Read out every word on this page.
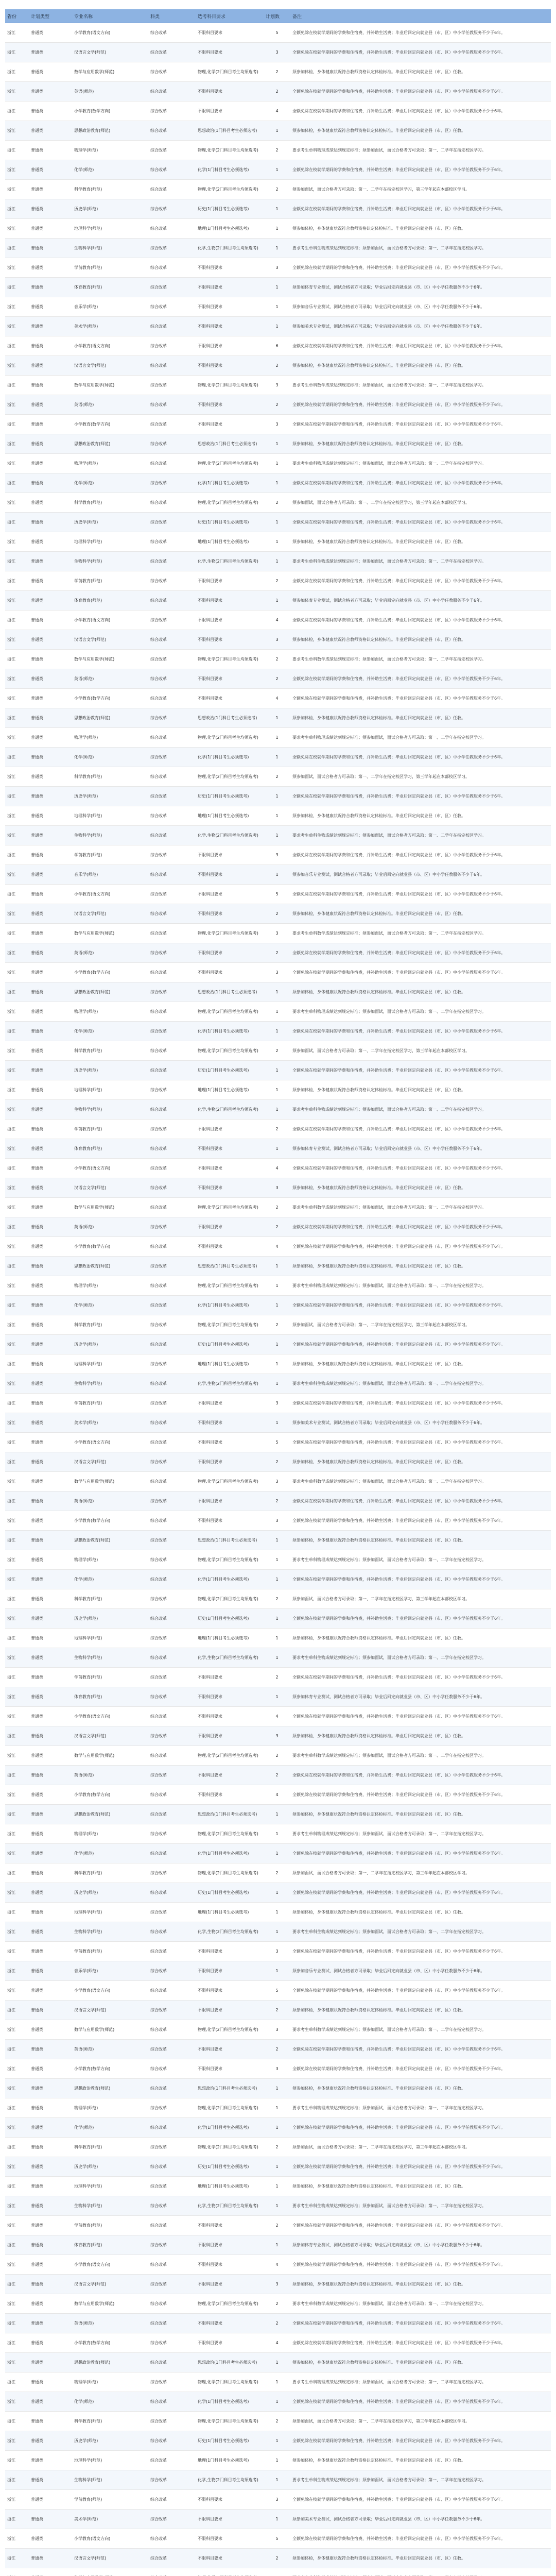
省份	计划类型	专业名称	科类	选考科目要求	计划数	备注
浙江	普通类	小学教育(语文方向)	综合改革	不限科目要求	5	全额免除在校就学期间的学费和住宿费，并补助生活费；毕业后回定向就业县（市、区）中小学任教服务不少于6年。
浙江	普通类	汉语言文学(师范)	综合改革	不限科目要求	3	全额免除在校就学期间的学费和住宿费，并补助生活费；毕业后回定向就业县（市、区）中小学任教服务不少于6年。
浙江	普通类	数学与应用数学(师范)	综合改革	物理,化学(2门科目考生均须选考)	2	须参加体检，身体健康状况符合教师资格认定体检标准。毕业后回定向就业县（市、区）任教。
浙江	普通类	英语(师范)	综合改革	不限科目要求	2	全额免除在校就学期间的学费和住宿费，并补助生活费；毕业后回定向就业县（市、区）中小学任教服务不少于6年。
浙江	普通类	小学教育(数学方向)	综合改革	不限科目要求	4	全额免除在校就学期间的学费和住宿费，并补助生活费；毕业后回定向就业县（市、区）中小学任教服务不少于6年。
浙江	普通类	思想政治教育(师范)	综合改革	思想政治(1门科目考生必须选考)	1	须参加体检，身体健康状况符合教师资格认定体检标准。毕业后回定向就业县（市、区）任教。
浙江	普通类	物理学(师范)	综合改革	物理,化学(2门科目考生均须选考)	2	要求考生单科物理成绩达到规定标准；须参加面试，面试合格者方可录取；第一、二学年在指定校区学习。
浙江	普通类	化学(师范)	综合改革	化学(1门科目考生必须选考)	1	全额免除在校就学期间的学费和住宿费，并补助生活费；毕业后回定向就业县（市、区）中小学任教服务不少于6年。
浙江	普通类	科学教育(师范)	综合改革	物理,化学(2门科目考生均须选考)	2	须参加面试，面试合格者方可录取；第一、二学年在指定校区学习，第三学年起在本部校区学习。
浙江	普通类	历史学(师范)	综合改革	历史(1门科目考生必须选考)	1	全额免除在校就学期间的学费和住宿费，并补助生活费；毕业后回定向就业县（市、区）中小学任教服务不少于6年。
浙江	普通类	地理科学(师范)	综合改革	地理(1门科目考生必须选考)	1	须参加体检，身体健康状况符合教师资格认定体检标准。毕业后回定向就业县（市、区）任教。
浙江	普通类	生物科学(师范)	综合改革	化学,生物(2门科目考生均须选考)	1	要求考生单科生物成绩达到规定标准；须参加面试，面试合格者方可录取；第一、二学年在指定校区学习。
浙江	普通类	学前教育(师范)	综合改革	不限科目要求	3	全额免除在校就学期间的学费和住宿费，并补助生活费；毕业后回定向就业县（市、区）中小学任教服务不少于6年。
浙江	普通类	体育教育(师范)	综合改革	不限科目要求	1	须参加体育专业测试，测试合格者方可录取；毕业后回定向就业县（市、区）中小学任教服务不少于6年。
浙江	普通类	音乐学(师范)	综合改革	不限科目要求	1	须参加音乐专业测试，测试合格者方可录取；毕业后回定向就业县（市、区）中小学任教服务不少于6年。
浙江	普通类	美术学(师范)	综合改革	不限科目要求	1	须参加美术专业测试，测试合格者方可录取；毕业后回定向就业县（市、区）中小学任教服务不少于6年。
浙江	普通类	小学教育(语文方向)	综合改革	不限科目要求	6	全额免除在校就学期间的学费和住宿费，并补助生活费；毕业后回定向就业县（市、区）中小学任教服务不少于6年。
浙江	普通类	汉语言文学(师范)	综合改革	不限科目要求	2	须参加体检，身体健康状况符合教师资格认定体检标准。毕业后回定向就业县（市、区）任教。
浙江	普通类	数学与应用数学(师范)	综合改革	物理,化学(2门科目考生均须选考)	3	要求考生单科数学成绩达到规定标准；须参加面试，面试合格者方可录取；第一、二学年在指定校区学习。
浙江	普通类	英语(师范)	综合改革	不限科目要求	2	全额免除在校就学期间的学费和住宿费，并补助生活费；毕业后回定向就业县（市、区）中小学任教服务不少于6年。
浙江	普通类	小学教育(数学方向)	综合改革	不限科目要求	3	全额免除在校就学期间的学费和住宿费，并补助生活费；毕业后回定向就业县（市、区）中小学任教服务不少于6年。
浙江	普通类	思想政治教育(师范)	综合改革	思想政治(1门科目考生必须选考)	1	须参加体检，身体健康状况符合教师资格认定体检标准。毕业后回定向就业县（市、区）任教。
浙江	普通类	物理学(师范)	综合改革	物理,化学(2门科目考生均须选考)	1	要求考生单科物理成绩达到规定标准；须参加面试，面试合格者方可录取；第一、二学年在指定校区学习。
浙江	普通类	化学(师范)	综合改革	化学(1门科目考生必须选考)	1	全额免除在校就学期间的学费和住宿费，并补助生活费；毕业后回定向就业县（市、区）中小学任教服务不少于6年。
浙江	普通类	科学教育(师范)	综合改革	物理,化学(2门科目考生均须选考)	2	须参加面试，面试合格者方可录取；第一、二学年在指定校区学习，第三学年起在本部校区学习。
浙江	普通类	历史学(师范)	综合改革	历史(1门科目考生必须选考)	1	全额免除在校就学期间的学费和住宿费，并补助生活费；毕业后回定向就业县（市、区）中小学任教服务不少于6年。
浙江	普通类	地理科学(师范)	综合改革	地理(1门科目考生必须选考)	1	须参加体检，身体健康状况符合教师资格认定体检标准。毕业后回定向就业县（市、区）任教。
浙江	普通类	生物科学(师范)	综合改革	化学,生物(2门科目考生均须选考)	1	要求考生单科生物成绩达到规定标准；须参加面试，面试合格者方可录取；第一、二学年在指定校区学习。
浙江	普通类	学前教育(师范)	综合改革	不限科目要求	2	全额免除在校就学期间的学费和住宿费，并补助生活费；毕业后回定向就业县（市、区）中小学任教服务不少于6年。
浙江	普通类	体育教育(师范)	综合改革	不限科目要求	1	须参加体育专业测试，测试合格者方可录取；毕业后回定向就业县（市、区）中小学任教服务不少于6年。
浙江	普通类	小学教育(语文方向)	综合改革	不限科目要求	4	全额免除在校就学期间的学费和住宿费，并补助生活费；毕业后回定向就业县（市、区）中小学任教服务不少于6年。
浙江	普通类	汉语言文学(师范)	综合改革	不限科目要求	3	须参加体检，身体健康状况符合教师资格认定体检标准。毕业后回定向就业县（市、区）任教。
浙江	普通类	数学与应用数学(师范)	综合改革	物理,化学(2门科目考生均须选考)	2	要求考生单科数学成绩达到规定标准；须参加面试，面试合格者方可录取；第一、二学年在指定校区学习。
浙江	普通类	英语(师范)	综合改革	不限科目要求	2	全额免除在校就学期间的学费和住宿费，并补助生活费；毕业后回定向就业县（市、区）中小学任教服务不少于6年。
浙江	普通类	小学教育(数学方向)	综合改革	不限科目要求	4	全额免除在校就学期间的学费和住宿费，并补助生活费；毕业后回定向就业县（市、区）中小学任教服务不少于6年。
浙江	普通类	思想政治教育(师范)	综合改革	思想政治(1门科目考生必须选考)	1	须参加体检，身体健康状况符合教师资格认定体检标准。毕业后回定向就业县（市、区）任教。
浙江	普通类	物理学(师范)	综合改革	物理,化学(2门科目考生均须选考)	1	要求考生单科物理成绩达到规定标准；须参加面试，面试合格者方可录取；第一、二学年在指定校区学习。
浙江	普通类	化学(师范)	综合改革	化学(1门科目考生必须选考)	1	全额免除在校就学期间的学费和住宿费，并补助生活费；毕业后回定向就业县（市、区）中小学任教服务不少于6年。
浙江	普通类	科学教育(师范)	综合改革	物理,化学(2门科目考生均须选考)	2	须参加面试，面试合格者方可录取；第一、二学年在指定校区学习，第三学年起在本部校区学习。
浙江	普通类	历史学(师范)	综合改革	历史(1门科目考生必须选考)	1	全额免除在校就学期间的学费和住宿费，并补助生活费；毕业后回定向就业县（市、区）中小学任教服务不少于6年。
浙江	普通类	地理科学(师范)	综合改革	地理(1门科目考生必须选考)	1	须参加体检，身体健康状况符合教师资格认定体检标准。毕业后回定向就业县（市、区）任教。
浙江	普通类	生物科学(师范)	综合改革	化学,生物(2门科目考生均须选考)	1	要求考生单科生物成绩达到规定标准；须参加面试，面试合格者方可录取；第一、二学年在指定校区学习。
浙江	普通类	学前教育(师范)	综合改革	不限科目要求	3	全额免除在校就学期间的学费和住宿费，并补助生活费；毕业后回定向就业县（市、区）中小学任教服务不少于6年。
浙江	普通类	音乐学(师范)	综合改革	不限科目要求	1	须参加音乐专业测试，测试合格者方可录取；毕业后回定向就业县（市、区）中小学任教服务不少于6年。
浙江	普通类	小学教育(语文方向)	综合改革	不限科目要求	5	全额免除在校就学期间的学费和住宿费，并补助生活费；毕业后回定向就业县（市、区）中小学任教服务不少于6年。
浙江	普通类	汉语言文学(师范)	综合改革	不限科目要求	2	须参加体检，身体健康状况符合教师资格认定体检标准。毕业后回定向就业县（市、区）任教。
浙江	普通类	数学与应用数学(师范)	综合改革	物理,化学(2门科目考生均须选考)	3	要求考生单科数学成绩达到规定标准；须参加面试，面试合格者方可录取；第一、二学年在指定校区学习。
浙江	普通类	英语(师范)	综合改革	不限科目要求	2	全额免除在校就学期间的学费和住宿费，并补助生活费；毕业后回定向就业县（市、区）中小学任教服务不少于6年。
浙江	普通类	小学教育(数学方向)	综合改革	不限科目要求	3	全额免除在校就学期间的学费和住宿费，并补助生活费；毕业后回定向就业县（市、区）中小学任教服务不少于6年。
浙江	普通类	思想政治教育(师范)	综合改革	思想政治(1门科目考生必须选考)	1	须参加体检，身体健康状况符合教师资格认定体检标准。毕业后回定向就业县（市、区）任教。
浙江	普通类	物理学(师范)	综合改革	物理,化学(2门科目考生均须选考)	1	要求考生单科物理成绩达到规定标准；须参加面试，面试合格者方可录取；第一、二学年在指定校区学习。
浙江	普通类	化学(师范)	综合改革	化学(1门科目考生必须选考)	1	全额免除在校就学期间的学费和住宿费，并补助生活费；毕业后回定向就业县（市、区）中小学任教服务不少于6年。
浙江	普通类	科学教育(师范)	综合改革	物理,化学(2门科目考生均须选考)	2	须参加面试，面试合格者方可录取；第一、二学年在指定校区学习，第三学年起在本部校区学习。
浙江	普通类	历史学(师范)	综合改革	历史(1门科目考生必须选考)	1	全额免除在校就学期间的学费和住宿费，并补助生活费；毕业后回定向就业县（市、区）中小学任教服务不少于6年。
浙江	普通类	地理科学(师范)	综合改革	地理(1门科目考生必须选考)	1	须参加体检，身体健康状况符合教师资格认定体检标准。毕业后回定向就业县（市、区）任教。
浙江	普通类	生物科学(师范)	综合改革	化学,生物(2门科目考生均须选考)	1	要求考生单科生物成绩达到规定标准；须参加面试，面试合格者方可录取；第一、二学年在指定校区学习。
浙江	普通类	学前教育(师范)	综合改革	不限科目要求	2	全额免除在校就学期间的学费和住宿费，并补助生活费；毕业后回定向就业县（市、区）中小学任教服务不少于6年。
浙江	普通类	体育教育(师范)	综合改革	不限科目要求	1	须参加体育专业测试，测试合格者方可录取；毕业后回定向就业县（市、区）中小学任教服务不少于6年。
浙江	普通类	小学教育(语文方向)	综合改革	不限科目要求	4	全额免除在校就学期间的学费和住宿费，并补助生活费；毕业后回定向就业县（市、区）中小学任教服务不少于6年。
浙江	普通类	汉语言文学(师范)	综合改革	不限科目要求	3	须参加体检，身体健康状况符合教师资格认定体检标准。毕业后回定向就业县（市、区）任教。
浙江	普通类	数学与应用数学(师范)	综合改革	物理,化学(2门科目考生均须选考)	2	要求考生单科数学成绩达到规定标准；须参加面试，面试合格者方可录取；第一、二学年在指定校区学习。
浙江	普通类	英语(师范)	综合改革	不限科目要求	2	全额免除在校就学期间的学费和住宿费，并补助生活费；毕业后回定向就业县（市、区）中小学任教服务不少于6年。
浙江	普通类	小学教育(数学方向)	综合改革	不限科目要求	4	全额免除在校就学期间的学费和住宿费，并补助生活费；毕业后回定向就业县（市、区）中小学任教服务不少于6年。
浙江	普通类	思想政治教育(师范)	综合改革	思想政治(1门科目考生必须选考)	1	须参加体检，身体健康状况符合教师资格认定体检标准。毕业后回定向就业县（市、区）任教。
浙江	普通类	物理学(师范)	综合改革	物理,化学(2门科目考生均须选考)	1	要求考生单科物理成绩达到规定标准；须参加面试，面试合格者方可录取；第一、二学年在指定校区学习。
浙江	普通类	化学(师范)	综合改革	化学(1门科目考生必须选考)	1	全额免除在校就学期间的学费和住宿费，并补助生活费；毕业后回定向就业县（市、区）中小学任教服务不少于6年。
浙江	普通类	科学教育(师范)	综合改革	物理,化学(2门科目考生均须选考)	2	须参加面试，面试合格者方可录取；第一、二学年在指定校区学习，第三学年起在本部校区学习。
浙江	普通类	历史学(师范)	综合改革	历史(1门科目考生必须选考)	1	全额免除在校就学期间的学费和住宿费，并补助生活费；毕业后回定向就业县（市、区）中小学任教服务不少于6年。
浙江	普通类	地理科学(师范)	综合改革	地理(1门科目考生必须选考)	1	须参加体检，身体健康状况符合教师资格认定体检标准。毕业后回定向就业县（市、区）任教。
浙江	普通类	生物科学(师范)	综合改革	化学,生物(2门科目考生均须选考)	1	要求考生单科生物成绩达到规定标准；须参加面试，面试合格者方可录取；第一、二学年在指定校区学习。
浙江	普通类	学前教育(师范)	综合改革	不限科目要求	3	全额免除在校就学期间的学费和住宿费，并补助生活费；毕业后回定向就业县（市、区）中小学任教服务不少于6年。
浙江	普通类	美术学(师范)	综合改革	不限科目要求	1	须参加美术专业测试，测试合格者方可录取；毕业后回定向就业县（市、区）中小学任教服务不少于6年。
浙江	普通类	小学教育(语文方向)	综合改革	不限科目要求	5	全额免除在校就学期间的学费和住宿费，并补助生活费；毕业后回定向就业县（市、区）中小学任教服务不少于6年。
浙江	普通类	汉语言文学(师范)	综合改革	不限科目要求	2	须参加体检，身体健康状况符合教师资格认定体检标准。毕业后回定向就业县（市、区）任教。
浙江	普通类	数学与应用数学(师范)	综合改革	物理,化学(2门科目考生均须选考)	3	要求考生单科数学成绩达到规定标准；须参加面试，面试合格者方可录取；第一、二学年在指定校区学习。
浙江	普通类	英语(师范)	综合改革	不限科目要求	2	全额免除在校就学期间的学费和住宿费，并补助生活费；毕业后回定向就业县（市、区）中小学任教服务不少于6年。
浙江	普通类	小学教育(数学方向)	综合改革	不限科目要求	3	全额免除在校就学期间的学费和住宿费，并补助生活费；毕业后回定向就业县（市、区）中小学任教服务不少于6年。
浙江	普通类	思想政治教育(师范)	综合改革	思想政治(1门科目考生必须选考)	1	须参加体检，身体健康状况符合教师资格认定体检标准。毕业后回定向就业县（市、区）任教。
浙江	普通类	物理学(师范)	综合改革	物理,化学(2门科目考生均须选考)	1	要求考生单科物理成绩达到规定标准；须参加面试，面试合格者方可录取；第一、二学年在指定校区学习。
浙江	普通类	化学(师范)	综合改革	化学(1门科目考生必须选考)	1	全额免除在校就学期间的学费和住宿费，并补助生活费；毕业后回定向就业县（市、区）中小学任教服务不少于6年。
浙江	普通类	科学教育(师范)	综合改革	物理,化学(2门科目考生均须选考)	2	须参加面试，面试合格者方可录取；第一、二学年在指定校区学习，第三学年起在本部校区学习。
浙江	普通类	历史学(师范)	综合改革	历史(1门科目考生必须选考)	1	全额免除在校就学期间的学费和住宿费，并补助生活费；毕业后回定向就业县（市、区）中小学任教服务不少于6年。
浙江	普通类	地理科学(师范)	综合改革	地理(1门科目考生必须选考)	1	须参加体检，身体健康状况符合教师资格认定体检标准。毕业后回定向就业县（市、区）任教。
浙江	普通类	生物科学(师范)	综合改革	化学,生物(2门科目考生均须选考)	1	要求考生单科生物成绩达到规定标准；须参加面试，面试合格者方可录取；第一、二学年在指定校区学习。
浙江	普通类	学前教育(师范)	综合改革	不限科目要求	2	全额免除在校就学期间的学费和住宿费，并补助生活费；毕业后回定向就业县（市、区）中小学任教服务不少于6年。
浙江	普通类	体育教育(师范)	综合改革	不限科目要求	1	须参加体育专业测试，测试合格者方可录取；毕业后回定向就业县（市、区）中小学任教服务不少于6年。
浙江	普通类	小学教育(语文方向)	综合改革	不限科目要求	4	全额免除在校就学期间的学费和住宿费，并补助生活费；毕业后回定向就业县（市、区）中小学任教服务不少于6年。
浙江	普通类	汉语言文学(师范)	综合改革	不限科目要求	3	须参加体检，身体健康状况符合教师资格认定体检标准。毕业后回定向就业县（市、区）任教。
浙江	普通类	数学与应用数学(师范)	综合改革	物理,化学(2门科目考生均须选考)	2	要求考生单科数学成绩达到规定标准；须参加面试，面试合格者方可录取；第一、二学年在指定校区学习。
浙江	普通类	英语(师范)	综合改革	不限科目要求	2	全额免除在校就学期间的学费和住宿费，并补助生活费；毕业后回定向就业县（市、区）中小学任教服务不少于6年。
浙江	普通类	小学教育(数学方向)	综合改革	不限科目要求	4	全额免除在校就学期间的学费和住宿费，并补助生活费；毕业后回定向就业县（市、区）中小学任教服务不少于6年。
浙江	普通类	思想政治教育(师范)	综合改革	思想政治(1门科目考生必须选考)	1	须参加体检，身体健康状况符合教师资格认定体检标准。毕业后回定向就业县（市、区）任教。
浙江	普通类	物理学(师范)	综合改革	物理,化学(2门科目考生均须选考)	1	要求考生单科物理成绩达到规定标准；须参加面试，面试合格者方可录取；第一、二学年在指定校区学习。
浙江	普通类	化学(师范)	综合改革	化学(1门科目考生必须选考)	1	全额免除在校就学期间的学费和住宿费，并补助生活费；毕业后回定向就业县（市、区）中小学任教服务不少于6年。
浙江	普通类	科学教育(师范)	综合改革	物理,化学(2门科目考生均须选考)	2	须参加面试，面试合格者方可录取；第一、二学年在指定校区学习，第三学年起在本部校区学习。
浙江	普通类	历史学(师范)	综合改革	历史(1门科目考生必须选考)	1	全额免除在校就学期间的学费和住宿费，并补助生活费；毕业后回定向就业县（市、区）中小学任教服务不少于6年。
浙江	普通类	地理科学(师范)	综合改革	地理(1门科目考生必须选考)	1	须参加体检，身体健康状况符合教师资格认定体检标准。毕业后回定向就业县（市、区）任教。
浙江	普通类	生物科学(师范)	综合改革	化学,生物(2门科目考生均须选考)	1	要求考生单科生物成绩达到规定标准；须参加面试，面试合格者方可录取；第一、二学年在指定校区学习。
浙江	普通类	学前教育(师范)	综合改革	不限科目要求	3	全额免除在校就学期间的学费和住宿费，并补助生活费；毕业后回定向就业县（市、区）中小学任教服务不少于6年。
浙江	普通类	音乐学(师范)	综合改革	不限科目要求	1	须参加音乐专业测试，测试合格者方可录取；毕业后回定向就业县（市、区）中小学任教服务不少于6年。
浙江	普通类	小学教育(语文方向)	综合改革	不限科目要求	5	全额免除在校就学期间的学费和住宿费，并补助生活费；毕业后回定向就业县（市、区）中小学任教服务不少于6年。
浙江	普通类	汉语言文学(师范)	综合改革	不限科目要求	2	须参加体检，身体健康状况符合教师资格认定体检标准。毕业后回定向就业县（市、区）任教。
浙江	普通类	数学与应用数学(师范)	综合改革	物理,化学(2门科目考生均须选考)	3	要求考生单科数学成绩达到规定标准；须参加面试，面试合格者方可录取；第一、二学年在指定校区学习。
浙江	普通类	英语(师范)	综合改革	不限科目要求	2	全额免除在校就学期间的学费和住宿费，并补助生活费；毕业后回定向就业县（市、区）中小学任教服务不少于6年。
浙江	普通类	小学教育(数学方向)	综合改革	不限科目要求	3	全额免除在校就学期间的学费和住宿费，并补助生活费；毕业后回定向就业县（市、区）中小学任教服务不少于6年。
浙江	普通类	思想政治教育(师范)	综合改革	思想政治(1门科目考生必须选考)	1	须参加体检，身体健康状况符合教师资格认定体检标准。毕业后回定向就业县（市、区）任教。
浙江	普通类	物理学(师范)	综合改革	物理,化学(2门科目考生均须选考)	1	要求考生单科物理成绩达到规定标准；须参加面试，面试合格者方可录取；第一、二学年在指定校区学习。
浙江	普通类	化学(师范)	综合改革	化学(1门科目考生必须选考)	1	全额免除在校就学期间的学费和住宿费，并补助生活费；毕业后回定向就业县（市、区）中小学任教服务不少于6年。
浙江	普通类	科学教育(师范)	综合改革	物理,化学(2门科目考生均须选考)	2	须参加面试，面试合格者方可录取；第一、二学年在指定校区学习，第三学年起在本部校区学习。
浙江	普通类	历史学(师范)	综合改革	历史(1门科目考生必须选考)	1	全额免除在校就学期间的学费和住宿费，并补助生活费；毕业后回定向就业县（市、区）中小学任教服务不少于6年。
浙江	普通类	地理科学(师范)	综合改革	地理(1门科目考生必须选考)	1	须参加体检，身体健康状况符合教师资格认定体检标准。毕业后回定向就业县（市、区）任教。
浙江	普通类	生物科学(师范)	综合改革	化学,生物(2门科目考生均须选考)	1	要求考生单科生物成绩达到规定标准；须参加面试，面试合格者方可录取；第一、二学年在指定校区学习。
浙江	普通类	学前教育(师范)	综合改革	不限科目要求	2	全额免除在校就学期间的学费和住宿费，并补助生活费；毕业后回定向就业县（市、区）中小学任教服务不少于6年。
浙江	普通类	体育教育(师范)	综合改革	不限科目要求	1	须参加体育专业测试，测试合格者方可录取；毕业后回定向就业县（市、区）中小学任教服务不少于6年。
浙江	普通类	小学教育(语文方向)	综合改革	不限科目要求	4	全额免除在校就学期间的学费和住宿费，并补助生活费；毕业后回定向就业县（市、区）中小学任教服务不少于6年。
浙江	普通类	汉语言文学(师范)	综合改革	不限科目要求	3	须参加体检，身体健康状况符合教师资格认定体检标准。毕业后回定向就业县（市、区）任教。
浙江	普通类	数学与应用数学(师范)	综合改革	物理,化学(2门科目考生均须选考)	2	要求考生单科数学成绩达到规定标准；须参加面试，面试合格者方可录取；第一、二学年在指定校区学习。
浙江	普通类	英语(师范)	综合改革	不限科目要求	2	全额免除在校就学期间的学费和住宿费，并补助生活费；毕业后回定向就业县（市、区）中小学任教服务不少于6年。
浙江	普通类	小学教育(数学方向)	综合改革	不限科目要求	4	全额免除在校就学期间的学费和住宿费，并补助生活费；毕业后回定向就业县（市、区）中小学任教服务不少于6年。
浙江	普通类	思想政治教育(师范)	综合改革	思想政治(1门科目考生必须选考)	1	须参加体检，身体健康状况符合教师资格认定体检标准。毕业后回定向就业县（市、区）任教。
浙江	普通类	物理学(师范)	综合改革	物理,化学(2门科目考生均须选考)	1	要求考生单科物理成绩达到规定标准；须参加面试，面试合格者方可录取；第一、二学年在指定校区学习。
浙江	普通类	化学(师范)	综合改革	化学(1门科目考生必须选考)	1	全额免除在校就学期间的学费和住宿费，并补助生活费；毕业后回定向就业县（市、区）中小学任教服务不少于6年。
浙江	普通类	科学教育(师范)	综合改革	物理,化学(2门科目考生均须选考)	2	须参加面试，面试合格者方可录取；第一、二学年在指定校区学习，第三学年起在本部校区学习。
浙江	普通类	历史学(师范)	综合改革	历史(1门科目考生必须选考)	1	全额免除在校就学期间的学费和住宿费，并补助生活费；毕业后回定向就业县（市、区）中小学任教服务不少于6年。
浙江	普通类	地理科学(师范)	综合改革	地理(1门科目考生必须选考)	1	须参加体检，身体健康状况符合教师资格认定体检标准。毕业后回定向就业县（市、区）任教。
浙江	普通类	生物科学(师范)	综合改革	化学,生物(2门科目考生均须选考)	1	要求考生单科生物成绩达到规定标准；须参加面试，面试合格者方可录取；第一、二学年在指定校区学习。
浙江	普通类	学前教育(师范)	综合改革	不限科目要求	3	全额免除在校就学期间的学费和住宿费，并补助生活费；毕业后回定向就业县（市、区）中小学任教服务不少于6年。
浙江	普通类	美术学(师范)	综合改革	不限科目要求	1	须参加美术专业测试，测试合格者方可录取；毕业后回定向就业县（市、区）中小学任教服务不少于6年。
浙江	普通类	小学教育(语文方向)	综合改革	不限科目要求	5	全额免除在校就学期间的学费和住宿费，并补助生活费；毕业后回定向就业县（市、区）中小学任教服务不少于6年。
浙江	普通类	汉语言文学(师范)	综合改革	不限科目要求	2	须参加体检，身体健康状况符合教师资格认定体检标准。毕业后回定向就业县（市、区）任教。
